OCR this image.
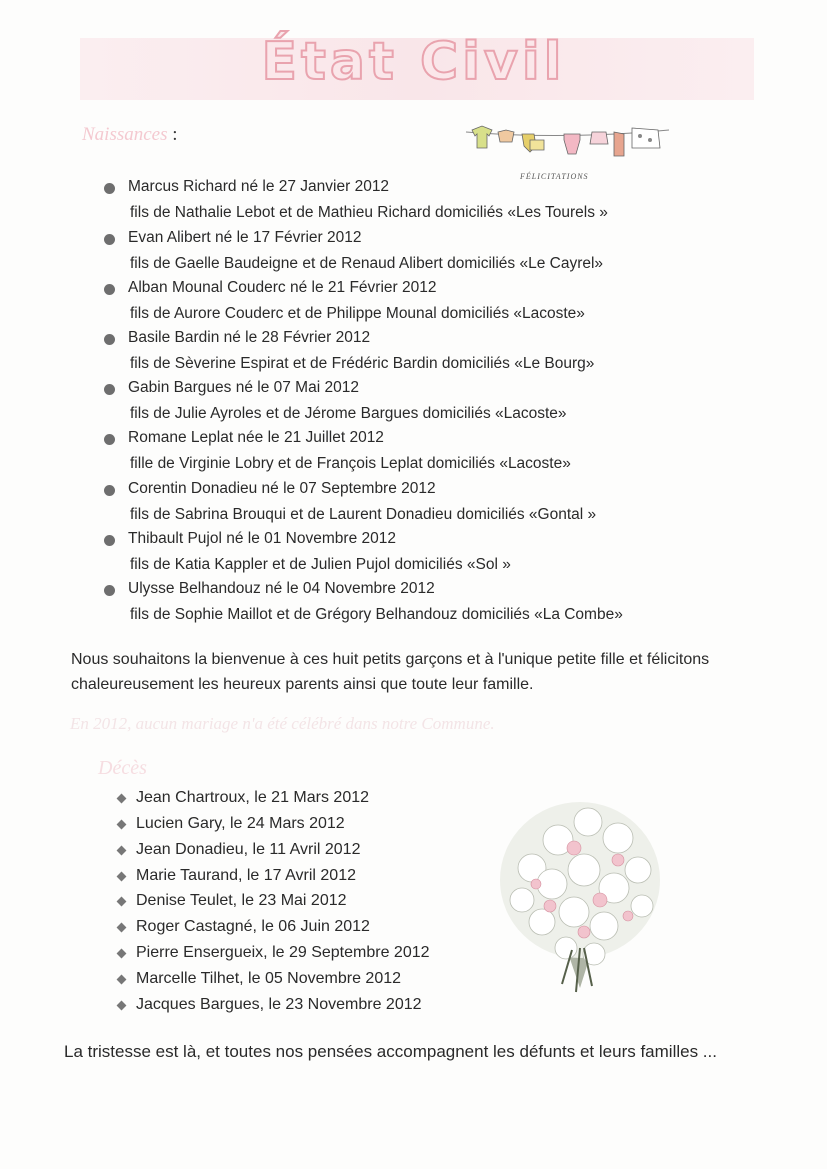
État Civil
Naissances :
FÉLICITATIONS
Marcus Richard né le 27 Janvier 2012
fils de Nathalie Lebot et de Mathieu Richard domiciliés «Les Tourels »
Evan Alibert né le 17 Février 2012
fils de Gaelle Baudeigne et de Renaud Alibert domiciliés «Le Cayrel»
Alban Mounal Couderc né le 21 Février 2012
fils de Aurore Couderc et de Philippe Mounal domiciliés «Lacoste»
Basile Bardin né le 28 Février 2012
fils de Sèverine Espirat et de Frédéric Bardin domiciliés «Le Bourg»
Gabin Bargues né le 07 Mai 2012
fils de Julie Ayroles et de Jérome Bargues domiciliés «Lacoste»
Romane Leplat née le 21 Juillet 2012
fille de Virginie Lobry et de François Leplat domiciliés «Lacoste»
Corentin Donadieu né le 07 Septembre 2012
fils de Sabrina Brouqui et de Laurent Donadieu domiciliés «Gontal »
Thibault Pujol né le 01 Novembre 2012
fils de Katia Kappler et de Julien Pujol domiciliés «Sol »
Ulysse Belhandouz né le 04 Novembre 2012
fils de Sophie Maillot et de Grégory Belhandouz domiciliés «La Combe»
Nous souhaitons la bienvenue à ces huit petits garçons et à l'unique petite fille et félicitons chaleureusement les heureux parents ainsi que toute leur famille.
En 2012, aucun mariage n'a été célébré dans notre Commune.
Décès
Jean Chartroux, le 21 Mars 2012
Lucien Gary, le 24 Mars 2012
Jean Donadieu, le 11 Avril 2012
Marie Taurand, le 17 Avril 2012
Denise Teulet, le 23 Mai 2012
Roger Castagné, le 06 Juin 2012
Pierre Ensergueix, le 29 Septembre 2012
Marcelle Tilhet, le 05 Novembre 2012
Jacques Bargues, le 23 Novembre 2012
La tristesse est là, et toutes nos pensées accompagnent les défunts et leurs familles ...
